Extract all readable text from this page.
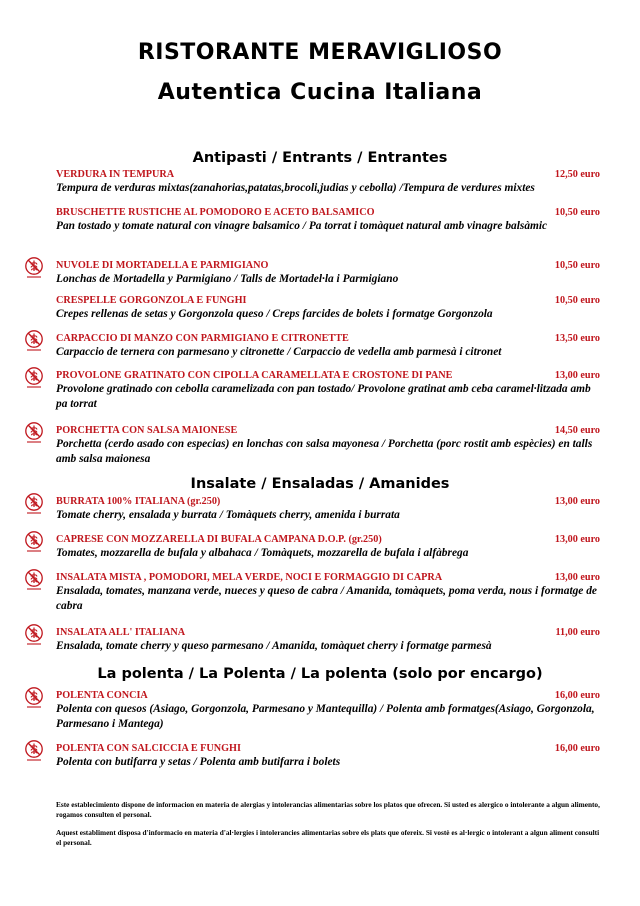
RISTORANTE MERAVIGLIOSO
Autentica Cucina Italiana
Antipasti / Entrants / Entrantes
VERDURA IN TEMPURA	12,50 euro
Tempura de verduras mixtas(zanahorias,patatas,brocoli,judias y cebolla) /Tempura de verdures mixtes
BRUSCHETTE RUSTICHE AL POMODORO E ACETO BALSAMICO	10,50 euro
Pan tostado y tomate natural con vinagre balsamico / Pa torrat i tomàquet natural amb vinagre balsàmic
NUVOLE DI MORTADELLA E PARMIGIANO	10,50 euro
Lonchas de Mortadella y Parmigiano / Talls de Mortadel·la i Parmigiano
CRESPELLE GORGONZOLA E FUNGHI	10,50 euro
Crepes rellenas de setas y Gorgonzola queso / Creps farcides de bolets i formatge Gorgonzola
CARPACCIO DI MANZO CON PARMIGIANO E CITRONETTE	13,50 euro
Carpaccio de ternera con parmesano y citronette / Carpaccio de vedella amb parmesà i citronet
PROVOLONE GRATINATO CON CIPOLLA CARAMELLATA E CROSTONE DI PANE	13,00 euro
Provolone gratinado con cebolla caramelizada con pan tostado/ Provolone gratinat amb ceba caramel·litzada amb pa torrat
PORCHETTA CON SALSA MAIONESE	14,50 euro
Porchetta (cerdo asado con especias) en lonchas con salsa mayonesa / Porchetta (porc rostit amb espècies) en talls amb salsa maionesa
Insalate / Ensaladas / Amanides
BURRATA 100% ITALIANA (gr.250)	13,00 euro
Tomate cherry, ensalada y burrata / Tomàquets cherry, amenida i burrata
CAPRESE CON MOZZARELLA DI BUFALA CAMPANA D.O.P. (gr.250)	13,00 euro
Tomates, mozzarella de bufala y albahaca / Tomàquets, mozzarella de bufala i alfàbrega
INSALATA MISTA , POMODORI, MELA VERDE, NOCI E FORMAGGIO DI CAPRA	13,00 euro
Ensalada, tomates, manzana verde, nueces y queso de cabra / Amanida, tomàquets, poma verda, nous i formatge de cabra
INSALATA ALL' ITALIANA	11,00 euro
Ensalada, tomate cherry y queso parmesano / Amanida, tomàquet cherry i formatge parmesà
La polenta / La Polenta / La polenta (solo por encargo)
POLENTA CONCIA	16,00 euro
Polenta con quesos (Asiago, Gorgonzola, Parmesano y Mantequilla) / Polenta amb formatges(Asiago, Gorgonzola, Parmesano i Mantega)
POLENTA CON SALCICCIA E FUNGHI	16,00 euro
Polenta con butifarra y setas / Polenta amb butifarra i bolets
Este establecimiento dispone de informacion en materia de alergias y intolerancias alimentarias sobre los platos que ofrecen. Si usted es alergico o intolerante a algun alimento, rogamos consulten el personal.
Aquest establiment disposa d'informacio en materia d'al·lergies i intolerancies alimentarias sobre els plats que ofereix. Si vostè es al·lergic o intolerant a algun aliment consulti el personal.
